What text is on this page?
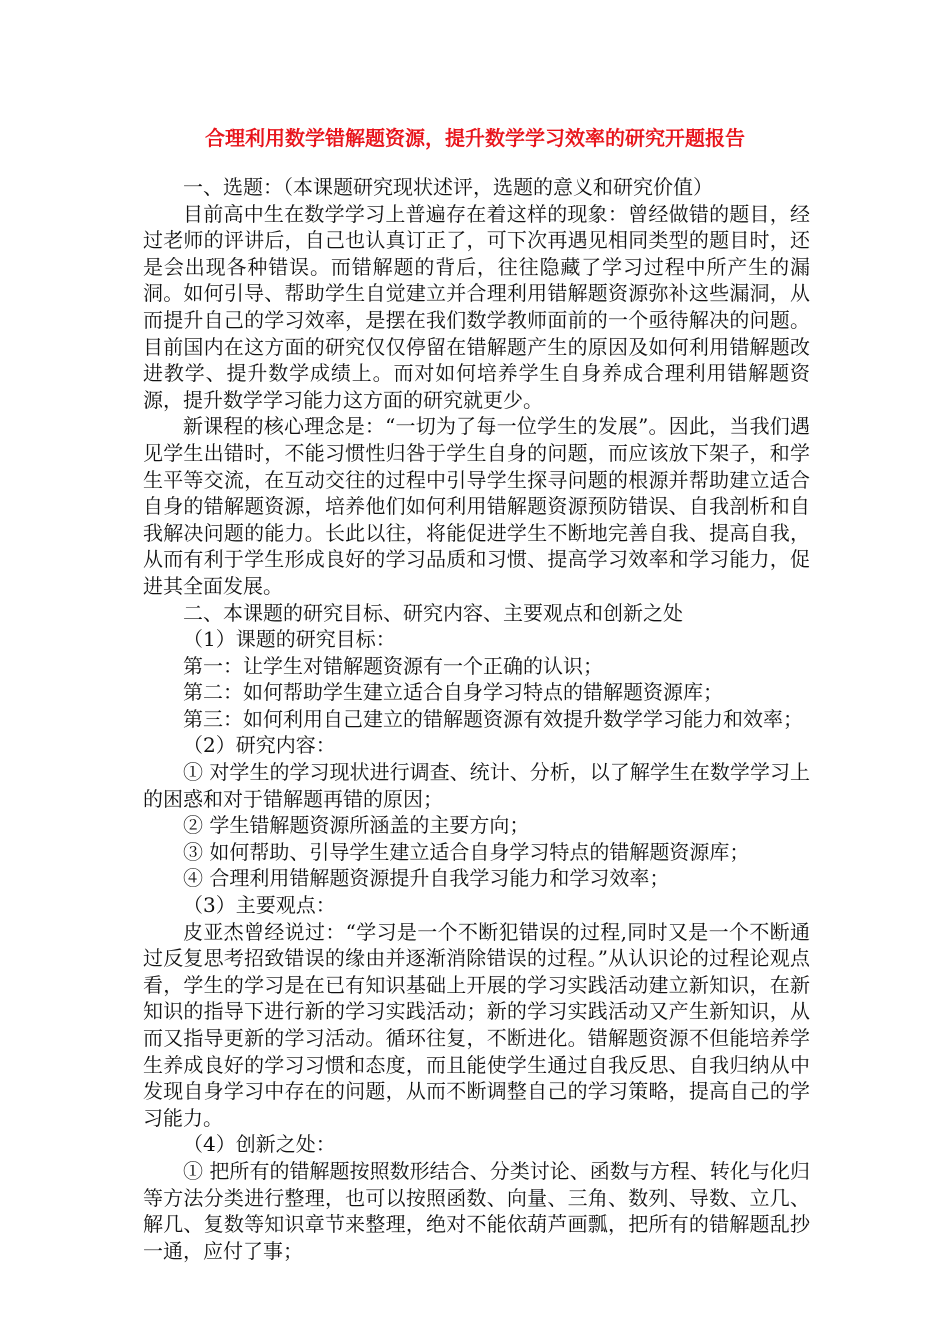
合理利用数学错解题资源，提升数学学习效率的研究开题报告

一、选题：（本课题研究现状述评，选题的意义和研究价值）

目前高中生在数学学习上普遍存在着这样的现象：曾经做错的题目，经过老师的评讲后，自己也认真订正了，可下次再遇见相同类型的题目时，还是会出现各种错误。而错解题的背后，往往隐藏了学习过程中所产生的漏洞。如何引导、帮助学生自觉建立并合理利用错解题资源弥补这些漏洞，从而提升自己的学习效率，是摆在我们数学教师面前的一个亟待解决的问题。目前国内在这方面的研究仅仅停留在错解题产生的原因及如何利用错解题改进教学、提升数学成绩上。而对如何培养学生自身养成合理利用错解题资源，提升数学学习能力这方面的研究就更少。

新课程的核心理念是：“一切为了每一位学生的发展”。因此，当我们遇见学生出错时，不能习惯性归咎于学生自身的问题，而应该放下架子，和学生平等交流，在互动交往的过程中引导学生探寻问题的根源并帮助建立适合自身的错解题资源，培养他们如何利用错解题资源预防错误、自我剖析和自我解决问题的能力。长此以往，将能促进学生不断地完善自我、提高自我，从而有利于学生形成良好的学习品质和习惯、提高学习效率和学习能力，促进其全面发展。

二、本课题的研究目标、研究内容、主要观点和创新之处

（1）课题的研究目标：

第一：让学生对错解题资源有一个正确的认识；

第二：如何帮助学生建立适合自身学习特点的错解题资源库；

第三：如何利用自己建立的错解题资源有效提升数学学习能力和效率；

（2）研究内容：

① 对学生的学习现状进行调查、统计、分析，以了解学生在数学学习上的困惑和对于错解题再错的原因；

② 学生错解题资源所涵盖的主要方向；

③ 如何帮助、引导学生建立适合自身学习特点的错解题资源库；

④ 合理利用错解题资源提升自我学习能力和学习效率；

（3）主要观点：

皮亚杰曾经说过：“学习是一个不断犯错误的过程,同时又是一个不断通过反复思考招致错误的缘由并逐渐消除错误的过程。”从认识论的过程论观点看，学生的学习是在已有知识基础上开展的学习实践活动建立新知识，在新知识的指导下进行新的学习实践活动；新的学习实践活动又产生新知识，从而又指导更新的学习活动。循环往复，不断进化。错解题资源不但能培养学生养成良好的学习习惯和态度，而且能使学生通过自我反思、自我归纳从中发现自身学习中存在的问题，从而不断调整自己的学习策略，提高自己的学习能力。

（4）创新之处：

① 把所有的错解题按照数形结合、分类讨论、函数与方程、转化与化归等方法分类进行整理，也可以按照函数、向量、三角、数列、导数、立几、解几、复数等知识章节来整理，绝对不能依葫芦画瓢，把所有的错解题乱抄一通，应付了事；
